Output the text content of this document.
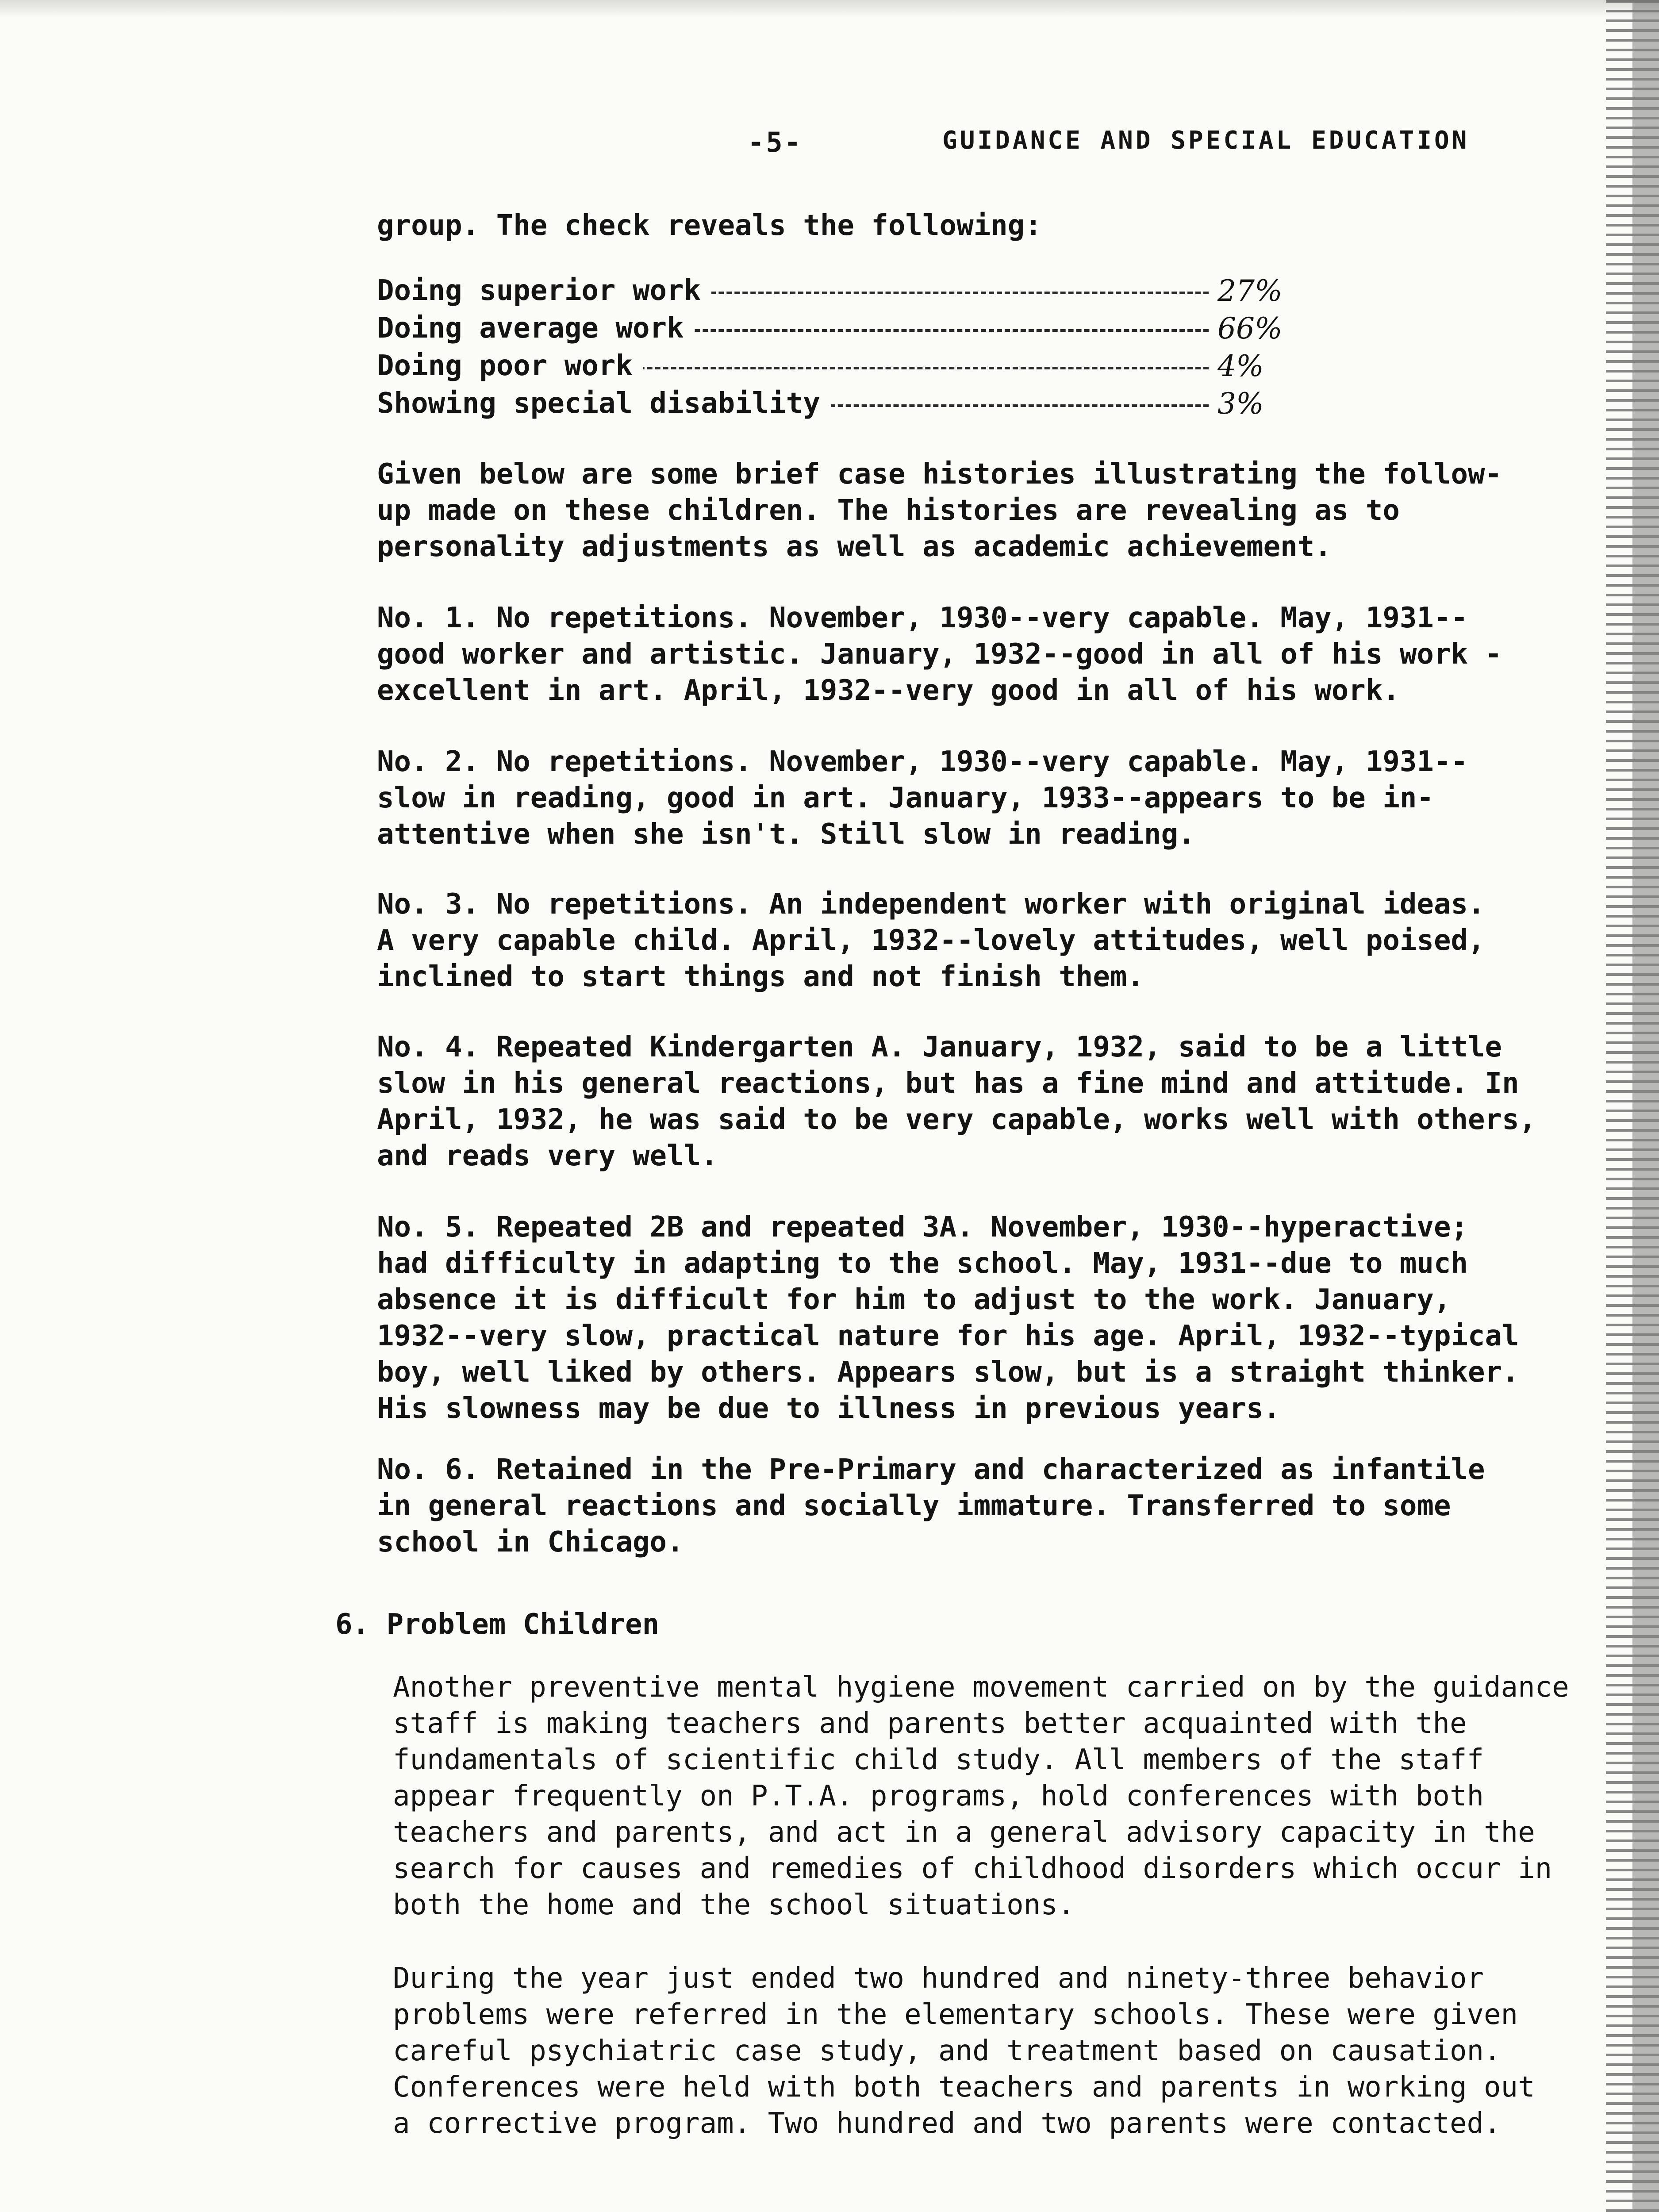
-5-	GUIDANCE AND SPECIAL EDUCATION
group. The check reveals the following:
Doing superior work	27%
Doing average work	66%
Doing poor work	4%
Showing special disability	3%
Given below are some brief case histories illustrating the follow-
up made on these children. The histories are revealing as to
personality adjustments as well as academic achievement.
No. 1. No repetitions. November, 1930--very capable. May, 1931--
good worker and artistic. January, 1932--good in all of his work -
excellent in art. April, 1932--very good in all of his work.
No. 2. No repetitions. November, 1930--very capable. May, 1931--
slow in reading, good in art. January, 1933--appears to be in-
attentive when she isn't. Still slow in reading.
No. 3. No repetitions. An independent worker with original ideas.
A very capable child. April, 1932--lovely attitudes, well poised,
inclined to start things and not finish them.
No. 4. Repeated Kindergarten A. January, 1932, said to be a little
slow in his general reactions, but has a fine mind and attitude. In
April, 1932, he was said to be very capable, works well with others,
and reads very well.
No. 5. Repeated 2B and repeated 3A. November, 1930--hyperactive;
had difficulty in adapting to the school. May, 1931--due to much
absence it is difficult for him to adjust to the work. January,
1932--very slow, practical nature for his age. April, 1932--typical
boy, well liked by others. Appears slow, but is a straight thinker.
His slowness may be due to illness in previous years.
No. 6. Retained in the Pre-Primary and characterized as infantile
in general reactions and socially immature. Transferred to some
school in Chicago.
6. Problem Children
Another preventive mental hygiene movement carried on by the guidance
staff is making teachers and parents better acquainted with the
fundamentals of scientific child study. All members of the staff
appear frequently on P.T.A. programs, hold conferences with both
teachers and parents, and act in a general advisory capacity in the
search for causes and remedies of childhood disorders which occur in
both the home and the school situations.
During the year just ended two hundred and ninety-three behavior
problems were referred in the elementary schools. These were given
careful psychiatric case study, and treatment based on causation.
Conferences were held with both teachers and parents in working out
a corrective program. Two hundred and two parents were contacted.
